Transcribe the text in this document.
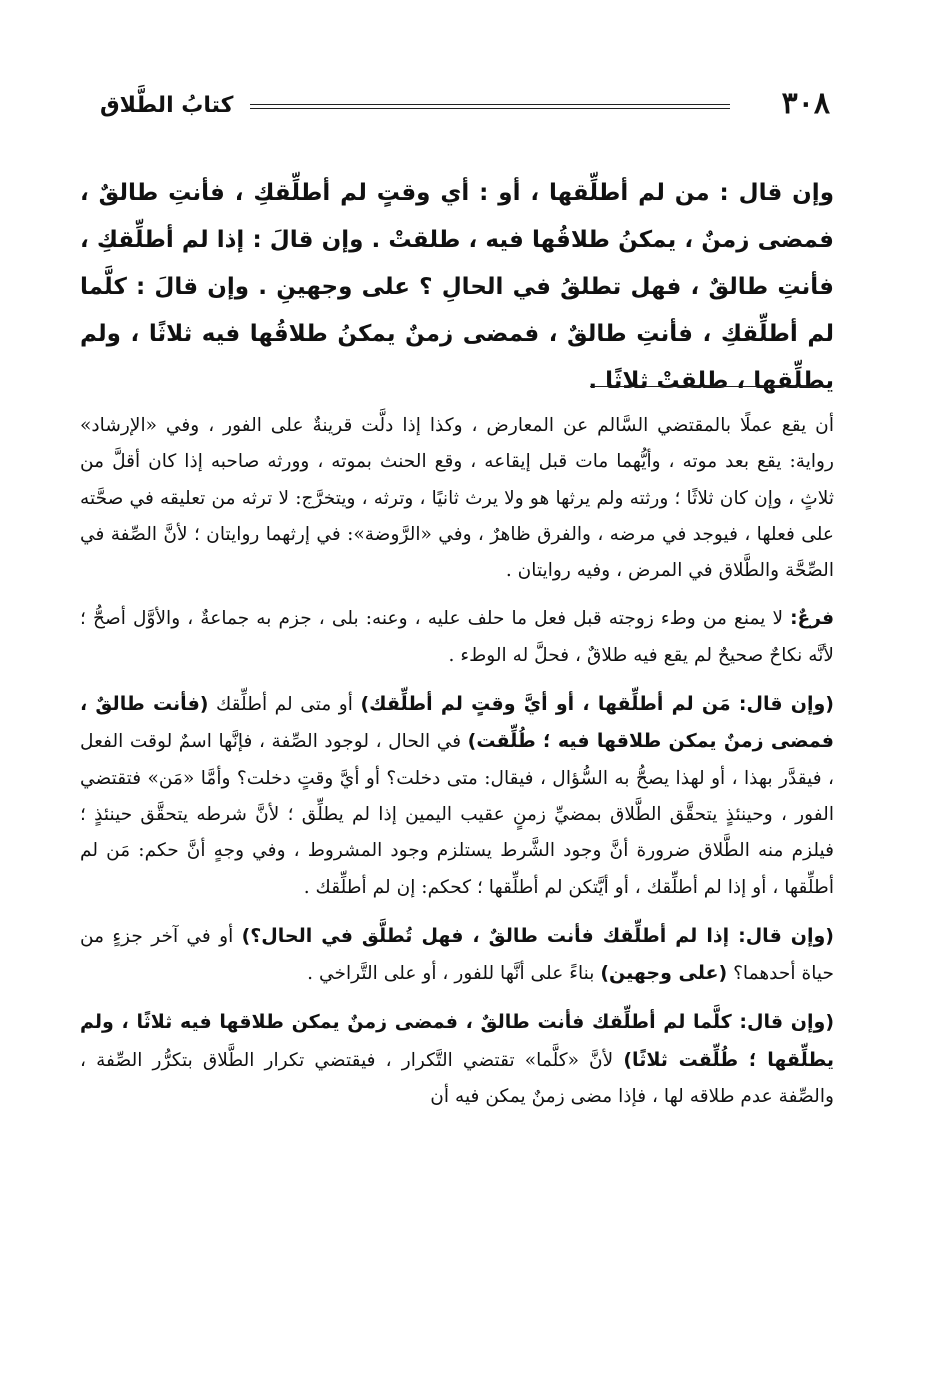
٣٠٨
كتابُ الطَّلاق

وإن قال : من لم أطلِّقها ، أو : أي وقتٍ لم أطلِّقكِ ، فأنتِ طالقٌ ، فمضى زمنٌ ، يمكنُ طلاقُها فيه ، طلقتْ . وإن قالَ : إذا لم أطلِّقكِ ، فأنتِ طالقٌ ، فهل تطلقُ في الحالِ ؟ على وجهينِ . وإن قالَ : كلَّما لم أطلِّقكِ ، فأنتِ طالقٌ ، فمضى زمنٌ يمكنُ طلاقُها فيه ثلاثًا ، ولم يطلِّقها ، طلقتْ ثلاثًا .

أن يقع عملًا بالمقتضي السَّالم عن المعارض ، وكذا إذا دلَّت قرينةٌ على الفور ، وفي «الإرشاد» رواية: يقع بعد موته ، وأيُّهما مات قبل إيقاعه ، وقع الحنث بموته ، وورثه صاحبه إذا كان أقلَّ من ثلاثٍ ، وإن كان ثلاثًا ؛ ورثته ولم يرثها هو ولا يرث ثانيًا ، وترثه ، ويتخرَّج: لا ترثه من تعليقه في صحَّته على فعلها ، فيوجد في مرضه ، والفرق ظاهرٌ ، وفي «الرَّوضة»: في إرثهما روايتان ؛ لأنَّ الصِّفة في الصِّحَّة والطَّلاق في المرض ، وفيه روايتان .

فرعٌ: لا يمنع من وطء زوجته قبل فعل ما حلف عليه ، وعنه: بلى ، جزم به جماعةٌ ، والأوَّل أصحُّ ؛ لأنَّه نكاحٌ صحيحٌ لم يقع فيه طلاقٌ ، فحلَّ له الوطء .

(وإن قال: مَن لم أطلِّقها ، أو أيَّ وقتٍ لم أطلِّقك) أو متى لم أطلِّقك (فأنت طالقٌ ، فمضى زمنٌ يمكن طلاقها فيه ؛ طُلِّقت) في الحال ، لوجود الصِّفة ، فإنَّها اسمٌ لوقت الفعل ، فيقدَّر بهذا ، أو لهذا يصحُّ به السُّؤال ، فيقال: متى دخلت؟ أو أيَّ وقتٍ دخلت؟ وأمَّا «مَن» فتقتضي الفور ، وحينئذٍ يتحقَّق الطَّلاق بمضيِّ زمنٍ عقيب اليمين إذا لم يطلِّق ؛ لأنَّ شرطه يتحقَّق حينئذٍ ؛ فيلزم منه الطَّلاق ضرورة أنَّ وجود الشَّرط يستلزم وجود المشروط ، وفي وجهٍ أنَّ حكم: مَن لم أطلِّقها ، أو إذا لم أطلِّقك ، أو أيَّتكن لم أطلِّقها ؛ كحكم: إن لم أطلِّقك .

(وإن قال: إذا لم أطلِّقك فأنت طالقٌ ، فهل تُطلَّق في الحال؟) أو في آخر جزءٍ من حياة أحدهما؟ (على وجهين) بناءً على أنَّها للفور ، أو على التَّراخي .

(وإن قال: كلَّما لم أطلِّقك فأنت طالقٌ ، فمضى زمنٌ يمكن طلاقها فيه ثلاثًا ، ولم يطلِّقها ؛ طُلِّقت ثلاثًا) لأنَّ «كلَّما» تقتضي التَّكرار ، فيقتضي تكرار الطَّلاق بتكرُّر الصِّفة ، والصِّفة عدم طلاقه لها ، فإذا مضى زمنٌ يمكن فيه أن
